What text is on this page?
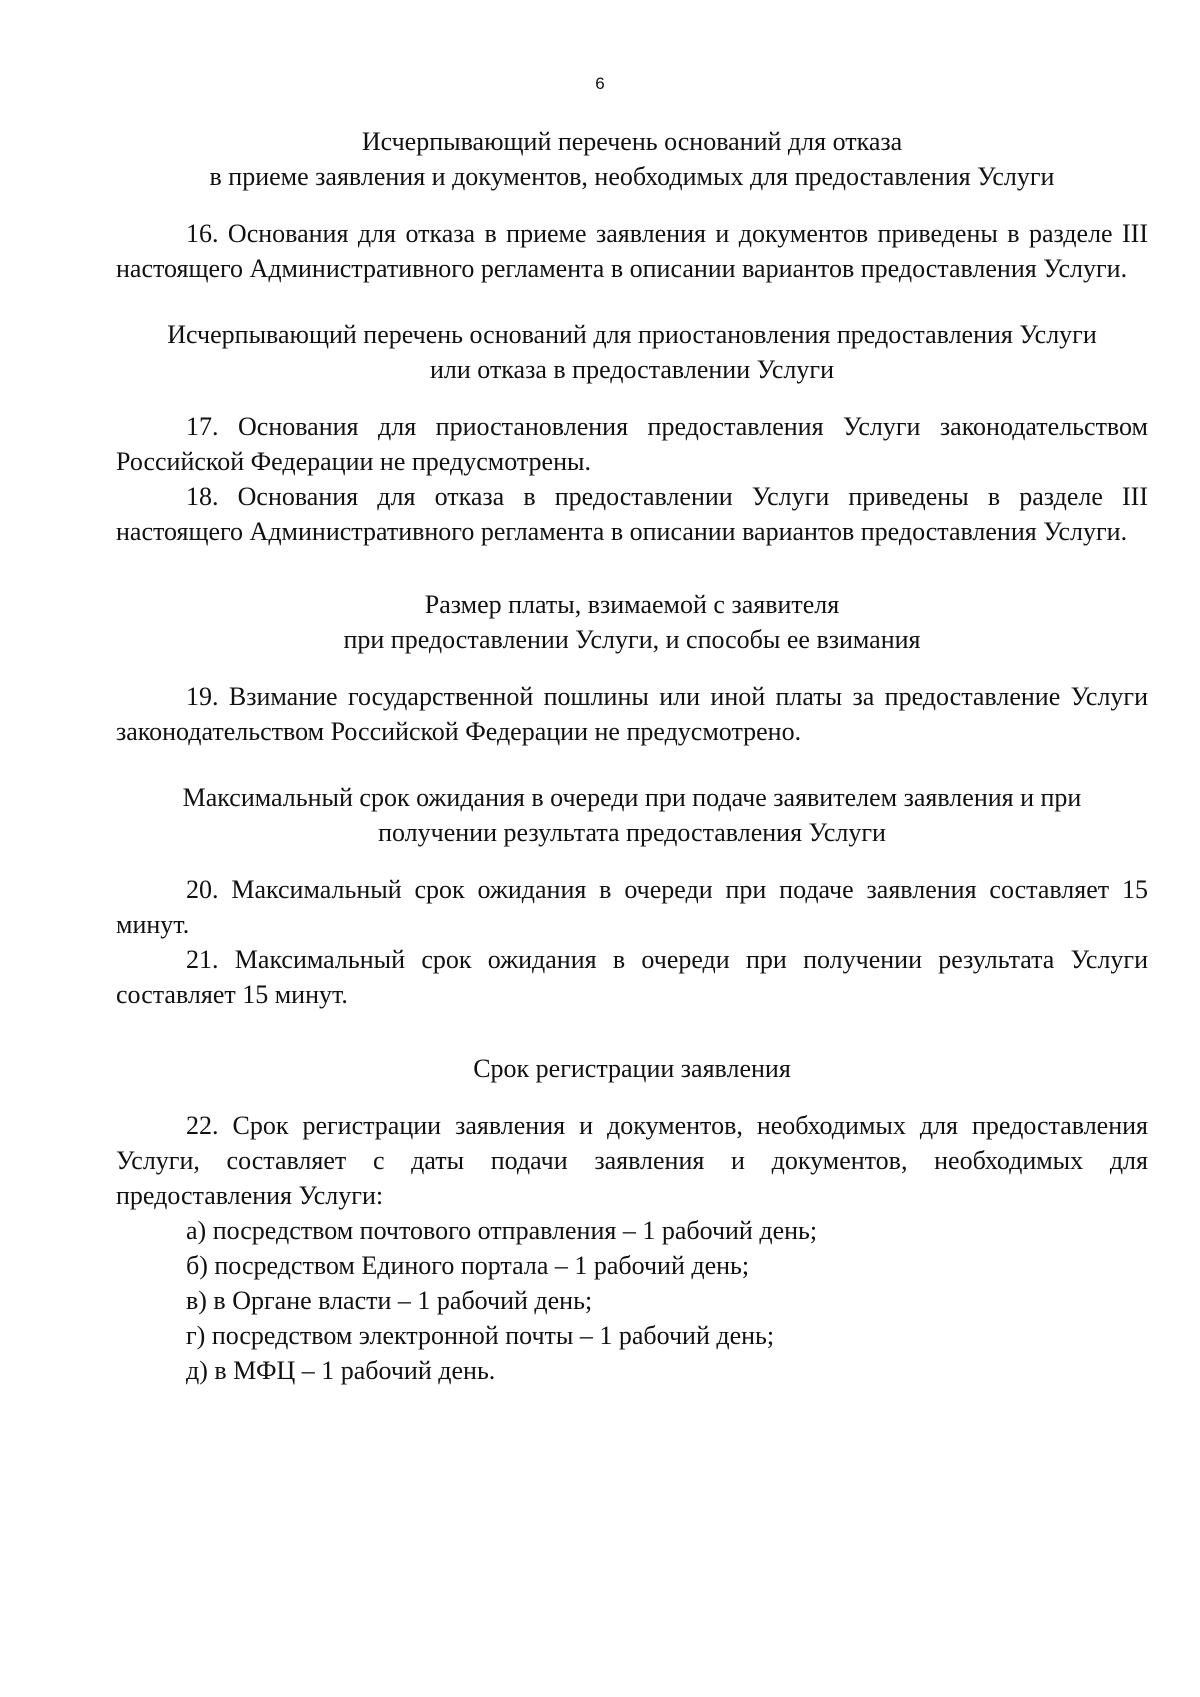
6
Исчерпывающий перечень оснований для отказа
в приеме заявления и документов, необходимых для предоставления Услуги

16. Основания для отказа в приеме заявления и документов приведены в разделе III настоящего Административного регламента в описании вариантов предоставления Услуги.

Исчерпывающий перечень оснований для приостановления предоставления Услуги
или отказа в предоставлении Услуги

17. Основания для приостановления предоставления Услуги законодательством Российской Федерации не предусмотрены.

18. Основания для отказа в предоставлении Услуги приведены в разделе III настоящего Административного регламента в описании вариантов предоставления Услуги.

Размер платы, взимаемой с заявителя
при предоставлении Услуги, и способы ее взимания

19. Взимание государственной пошлины или иной платы за предоставление Услуги законодательством Российской Федерации не предусмотрено.

Максимальный срок ожидания в очереди при подаче заявителем заявления и при
получении результата предоставления Услуги

20. Максимальный срок ожидания в очереди при подаче заявления составляет 15 минут.

21. Максимальный срок ожидания в очереди при получении результата Услуги составляет 15 минут.

Срок регистрации заявления

22. Срок регистрации заявления и документов, необходимых для предоставления Услуги, составляет с даты подачи заявления и документов, необходимых для предоставления Услуги:

а) посредством почтового отправления – 1 рабочий день;

б) посредством Единого портала – 1 рабочий день;

в) в Органе власти – 1 рабочий день;

г) посредством электронной почты – 1 рабочий день;

д) в МФЦ – 1 рабочий день.
